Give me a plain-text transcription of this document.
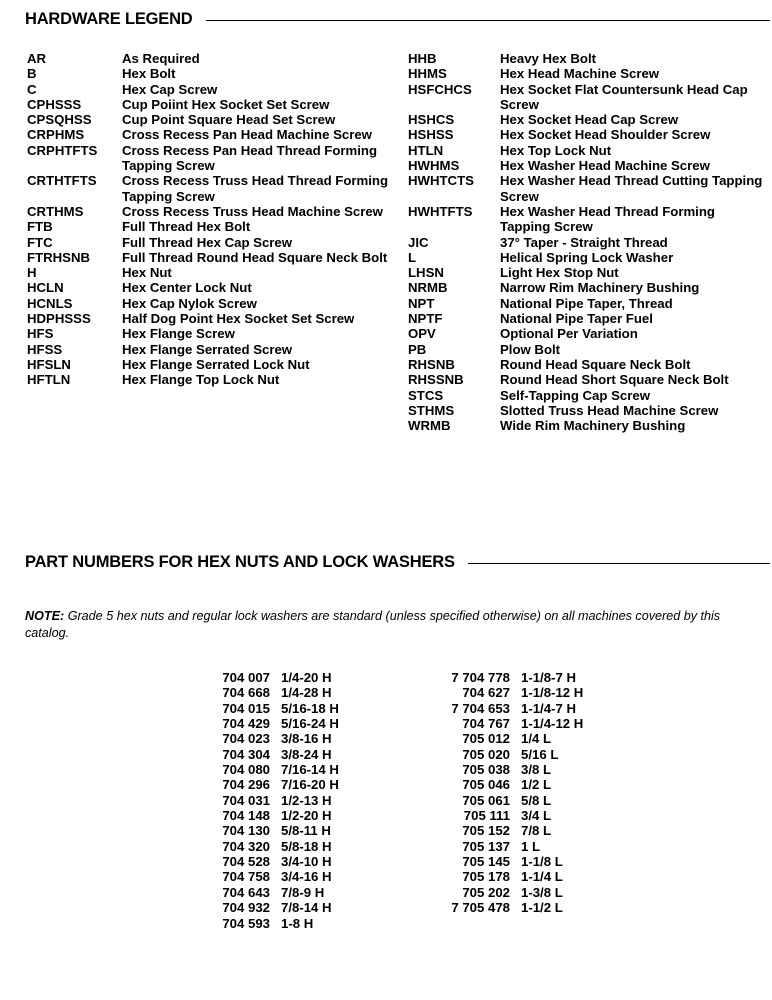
HARDWARE LEGEND
AR	As Required
B	Hex Bolt
C	Hex Cap Screw
CPHSSS	Cup Poiint Hex Socket Set Screw
CPSQHSS	Cup Point Square Head Set Screw
CRPHMS	Cross Recess Pan Head Machine Screw
CRPHTFTS	Cross Recess Pan Head Thread Forming Tapping Screw
CRTHTFTS	Cross Recess Truss Head Thread Forming Tapping Screw
CRTHMS	Cross Recess Truss Head Machine Screw
FTB	Full Thread Hex Bolt
FTC	Full Thread Hex Cap Screw
FTRHSNB	Full Thread Round Head Square Neck Bolt
H	Hex Nut
HCLN	Hex Center Lock Nut
HCNLS	Hex Cap Nylok Screw
HDPHSSS	Half Dog Point Hex Socket Set Screw
HFS	Hex Flange Screw
HFSS	Hex Flange Serrated Screw
HFSLN	Hex Flange Serrated Lock Nut
HFTLN	Hex Flange Top Lock Nut
HHB	Heavy Hex Bolt
HHMS	Hex Head Machine Screw
HSFCHCS	Hex Socket Flat Countersunk Head Cap Screw
HSHCS	Hex Socket Head Cap Screw
HSHSS	Hex Socket Head Shoulder Screw
HTLN	Hex Top Lock Nut
HWHMS	Hex Washer Head Machine Screw
HWHTCTS	Hex Washer Head Thread Cutting Tapping Screw
HWHTFTS	Hex Washer Head Thread Forming Tapping Screw
JIC	37° Taper - Straight Thread
L	Helical Spring Lock Washer
LHSN	Light Hex Stop Nut
NRMB	Narrow Rim Machinery Bushing
NPT	National Pipe Taper, Thread
NPTF	National Pipe Taper Fuel
OPV	Optional Per Variation
PB	Plow Bolt
RHSNB	Round Head Square Neck Bolt
RHSSNB	Round Head Short Square Neck Bolt
STCS	Self-Tapping Cap Screw
STHMS	Slotted Truss Head Machine Screw
WRMB	Wide Rim Machinery Bushing
PART NUMBERS FOR HEX NUTS AND LOCK WASHERS
NOTE: Grade 5 hex nuts and regular lock washers are standard (unless specified otherwise) on all machines covered by this catalog.
704 007 1/4-20 H
704 668 1/4-28 H
704 015 5/16-18 H
704 429 5/16-24 H
704 023 3/8-16 H
704 304 3/8-24 H
704 080 7/16-14 H
704 296 7/16-20 H
704 031 1/2-13 H
704 148 1/2-20 H
704 130 5/8-11 H
704 320 5/8-18 H
704 528 3/4-10 H
704 758 3/4-16 H
704 643 7/8-9 H
704 932 7/8-14 H
704 593 1-8 H
7 704 778 1-1/8-7 H
704 627 1-1/8-12 H
7 704 653 1-1/4-7 H
704 767 1-1/4-12 H
705 012 1/4 L
705 020 5/16 L
705 038 3/8 L
705 046 1/2 L
705 061 5/8 L
705 111 3/4 L
705 152 7/8 L
705 137 1 L
705 145 1-1/8 L
705 178 1-1/4 L
705 202 1-3/8 L
7 705 478 1-1/2 L
